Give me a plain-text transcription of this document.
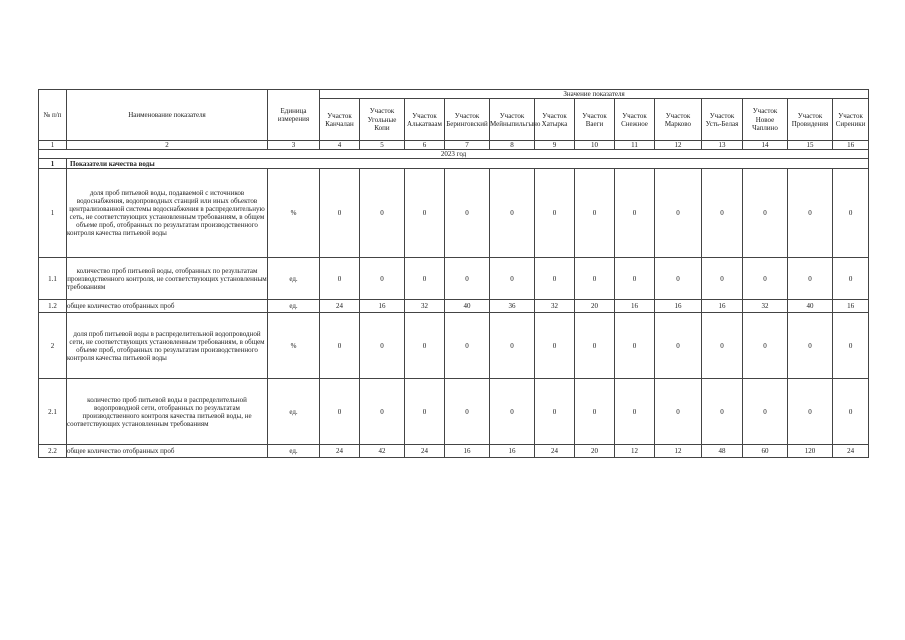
№ п/п	Наименование показателя	Единица измерения	Значение показателя												
			Участок Канчалан	Участок Угольные Копи	Участок Алькатваам	Участок Беринговский	Участок Мейныпильгыно	Участок Хатырка	Участок Ваеги	Участок Снежное	Участок Марково	Участок Усть-Белая	Участок Новое Чаплино	Участок Провидения	Участок Сиреники
1	2	3	4	5	6	7	8	9	10	11	12	13	14	15	16
2023 год															
1	Показатели качества воды														
1	доля проб питьевой воды, подаваемой с источников водоснабжения, водопроводных станций или иных объектов централизованной системы водоснабжения в распределительную сеть, не соответствующих установленным требованиям, в общем объеме проб, отобранных по результатам производственного контроля качества питьевой воды	%	0	0	0	0	0	0	0	0	0	0	0	0	0
1.1	количество проб питьевой воды, отобранных по результатам производственного контроля, не соответствующих установленным требованиям	ед.	0	0	0	0	0	0	0	0	0	0	0	0	0
1.2	общее количество отобранных проб	ед.	24	16	32	40	36	32	20	16	16	16	32	40	16
2	доля проб питьевой воды в распределительной водопроводной сети, не соответствующих установленным требованиям, в общем объеме проб, отобранных по результатам производственного контроля качества питьевой воды	%	0	0	0	0	0	0	0	0	0	0	0	0	0
2.1	количество проб питьевой воды в распределительной водопроводной сети, отобранных по результатам производственного контроля качества питьевой воды, не соответствующих установленным требованиям	ед.	0	0	0	0	0	0	0	0	0	0	0	0	0
2.2	общее количество отобранных проб	ед.	24	42	24	16	16	24	20	12	12	48	60	120	24
